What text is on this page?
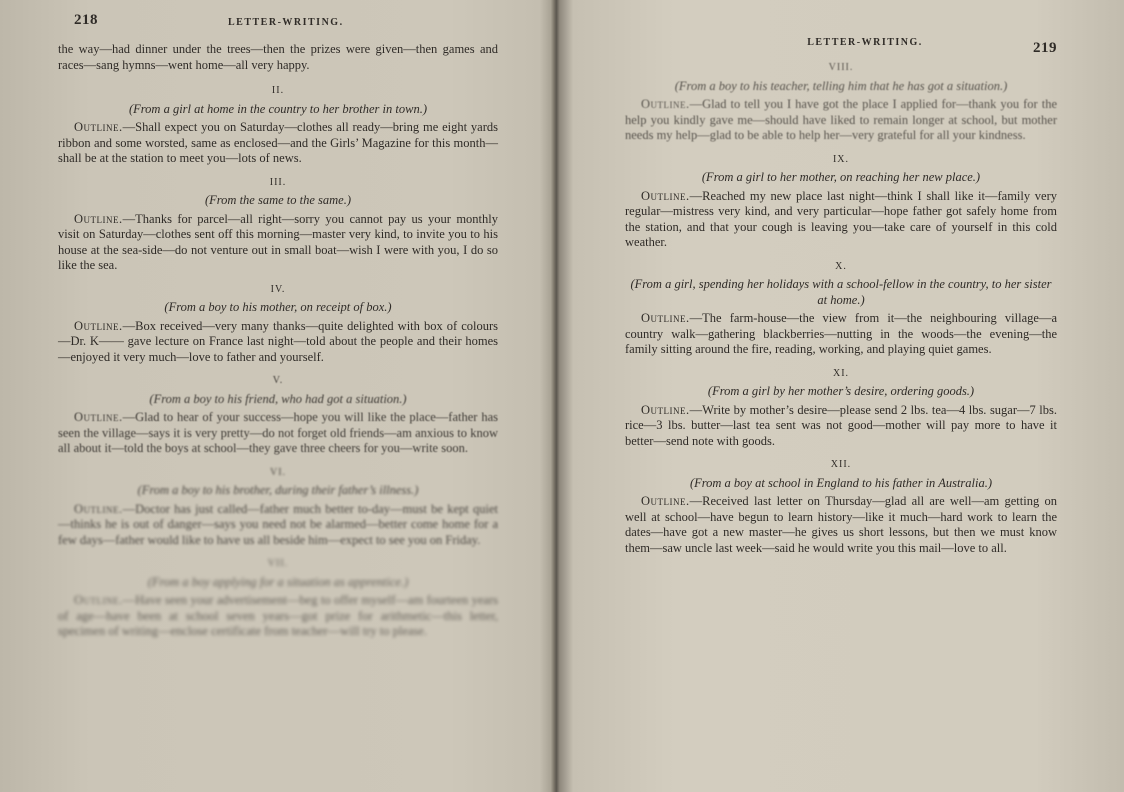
218	LETTER-WRITING.

the way—had dinner under the trees—then the prizes were given—then games and races—sang hymns—went home—all very happy.

II.
(From a girl at home in the country to her brother in town.)

Outline.—Shall expect you on Saturday—clothes all ready—bring me eight yards ribbon and some worsted, same as enclosed—and the Girls’ Magazine for this month—shall be at the station to meet you—lots of news.

III.
(From the same to the same.)

Outline.—Thanks for parcel—all right—sorry you cannot pay us your monthly visit on Saturday—clothes sent off this morning—master very kind, to invite you to his house at the sea-side—do not venture out in small boat—wish I were with you, I do so like the sea.

IV.
(From a boy to his mother, on receipt of box.)

Outline.—Box received—very many thanks—quite delighted with box of colours—Dr. K—— gave lecture on France last night—told about the people and their homes—enjoyed it very much—love to father and yourself.

V.
(From a boy to his friend, who had got a situation.)

Outline.—Glad to hear of your success—hope you will like the place—father has seen the village—says it is very pretty—do not forget old friends—am anxious to know all about it—told the boys at school—they gave three cheers for you—write soon.

VI.
(From a boy to his brother, during their father’s illness.)

Outline.—Doctor has just called—father much better to-day—must be kept quiet—thinks he is out of danger—says you need not be alarmed—better come home for a few days—father would like to have us all beside him—expect to see you on Friday.

VII.
(From a boy applying for a situation as apprentice.)

Outline.—Have seen your advertisement—beg to offer myself—am fourteen years of age—have been at school seven years—got prize for arithmetic—this letter, specimen of writing—enclose certificate from teacher—will try to please.

LETTER-WRITING.	219
VIII.
(From a boy to his teacher, telling him that he has got a situation.)

Outline.—Glad to tell you I have got the place I applied for—thank you for the help you kindly gave me—should have liked to remain longer at school, but mother needs my help—glad to be able to help her—very grateful for all your kindness.

IX.
(From a girl to her mother, on reaching her new place.)

Outline.—Reached my new place last night—think I shall like it—family very regular—mistress very kind, and very particular—hope father got safely home from the station, and that your cough is leaving you—take care of yourself in this cold weather.

X.
(From a girl, spending her holidays with a school-fellow in the country, to her sister at home.)

Outline.—The farm-house—the view from it—the neighbouring village—a country walk—gathering blackberries—nutting in the woods—the evening—the family sitting around the fire, reading, working, and playing quiet games.

XI.
(From a girl by her mother’s desire, ordering goods.)

Outline.—Write by mother’s desire—please send 2 lbs. tea—4 lbs. sugar—7 lbs. rice—3 lbs. butter—last tea sent was not good—mother will pay more to have it better—send note with goods.

XII.
(From a boy at school in England to his father in Australia.)

Outline.—Received last letter on Thursday—glad all are well—am getting on well at school—have begun to learn history—like it much—hard work to learn the dates—have got a new master—he gives us short lessons, but then we must know them—saw uncle last week—said he would write you this mail—love to all.
